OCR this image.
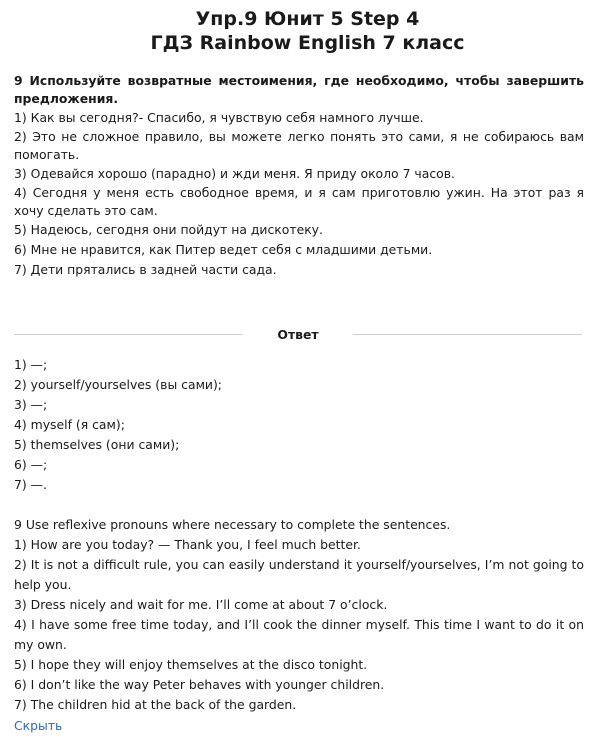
Упр.9 Юнит 5 Step 4
ГДЗ Rainbow English 7 класс

9 Используйте возвратные местоимения, где необходимо, чтобы завершить предложения.

1) Как вы сегодня?- Спасибо, я чувствую себя намного лучше.

2) Это не сложное правило, вы можете легко понять это сами, я не собираюсь вам помогать.

3) Одевайся хорошо (парадно) и жди меня. Я приду около 7 часов.

4) Сегодня у меня есть свободное время, и я сам приготовлю ужин. На этот раз я хочу сделать это сам.

5) Надеюсь, сегодня они пойдут на дискотеку.

6) Мне не нравится, как Питер ведет себя с младшими детьми.

7) Дети прятались в задней части сада.

Ответ

1) —;

2) yourself/yourselves (вы сами);

3) —;

4) myself (я сам);

5) themselves (они сами);

6) —;

7) —.

9 Use reflexive pronouns where necessary to complete the sentences.

1) How are you today? — Thank you, I feel much better.

2) It is not a difficult rule, you can easily understand it yourself/yourselves, I’m not going to help you.

3) Dress nicely and wait for me. I’ll come at about 7 o’clock.

4) I have some free time today, and I’ll cook the dinner myself. This time I want to do it on my own.

5) I hope they will enjoy themselves at the disco tonight.

6) I don’t like the way Peter behaves with younger children.

7) The children hid at the back of the garden.

Скрыть
